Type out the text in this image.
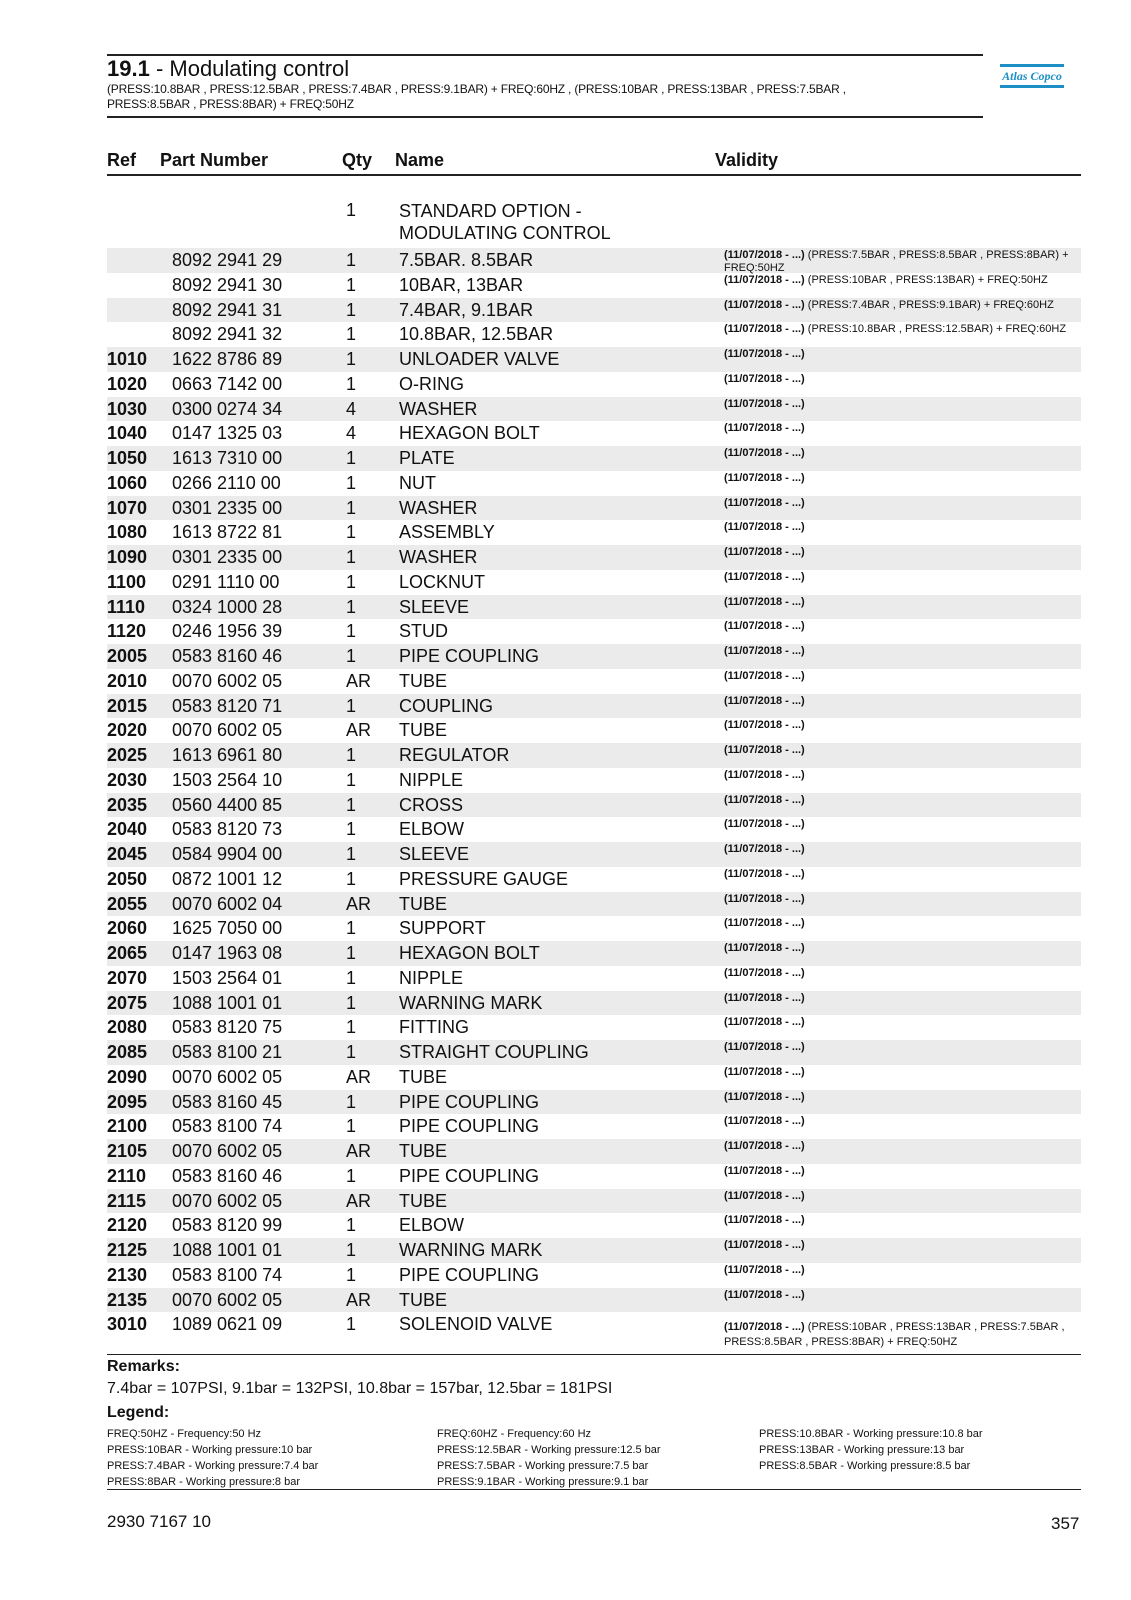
19.1 - Modulating control
(PRESS:10.8BAR , PRESS:12.5BAR , PRESS:7.4BAR , PRESS:9.1BAR) + FREQ:60HZ , (PRESS:10BAR , PRESS:13BAR , PRESS:7.5BAR ,
PRESS:8.5BAR , PRESS:8BAR) + FREQ:50HZ
Atlas Copco
Ref Part Number	Qty Name	Validity
1 STANDARD OPTION - MODULATING CONTROL
8092 2941 29	1 7.5BAR. 8.5BAR	(11/07/2018 - ...) (PRESS:7.5BAR , PRESS:8.5BAR , PRESS:8BAR) + FREQ:50HZ
8092 2941 30	1 10BAR, 13BAR	(11/07/2018 - ...) (PRESS:10BAR , PRESS:13BAR) + FREQ:50HZ
8092 2941 31	1 7.4BAR, 9.1BAR	(11/07/2018 - ...) (PRESS:7.4BAR , PRESS:9.1BAR) + FREQ:60HZ
8092 2941 32	1 10.8BAR, 12.5BAR	(11/07/2018 - ...) (PRESS:10.8BAR , PRESS:12.5BAR) + FREQ:60HZ
1010 1622 8786 89	1 UNLOADER VALVE	(11/07/2018 - ...)
1020 0663 7142 00	1 O-RING	(11/07/2018 - ...)
1030 0300 0274 34	4 WASHER	(11/07/2018 - ...)
1040 0147 1325 03	4 HEXAGON BOLT	(11/07/2018 - ...)
1050 1613 7310 00	1 PLATE	(11/07/2018 - ...)
1060 0266 2110 00	1 NUT	(11/07/2018 - ...)
1070 0301 2335 00	1 WASHER	(11/07/2018 - ...)
1080 1613 8722 81	1 ASSEMBLY	(11/07/2018 - ...)
1090 0301 2335 00	1 WASHER	(11/07/2018 - ...)
1100 0291 1110 00	1 LOCKNUT	(11/07/2018 - ...)
1110 0324 1000 28	1 SLEEVE	(11/07/2018 - ...)
1120 0246 1956 39	1 STUD	(11/07/2018 - ...)
2005 0583 8160 46	1 PIPE COUPLING	(11/07/2018 - ...)
2010 0070 6002 05	AR TUBE	(11/07/2018 - ...)
2015 0583 8120 71	1 COUPLING	(11/07/2018 - ...)
2020 0070 6002 05	AR TUBE	(11/07/2018 - ...)
2025 1613 6961 80	1 REGULATOR	(11/07/2018 - ...)
2030 1503 2564 10	1 NIPPLE	(11/07/2018 - ...)
2035 0560 4400 85	1 CROSS	(11/07/2018 - ...)
2040 0583 8120 73	1 ELBOW	(11/07/2018 - ...)
2045 0584 9904 00	1 SLEEVE	(11/07/2018 - ...)
2050 0872 1001 12	1 PRESSURE GAUGE	(11/07/2018 - ...)
2055 0070 6002 04	AR TUBE	(11/07/2018 - ...)
2060 1625 7050 00	1 SUPPORT	(11/07/2018 - ...)
2065 0147 1963 08	1 HEXAGON BOLT	(11/07/2018 - ...)
2070 1503 2564 01	1 NIPPLE	(11/07/2018 - ...)
2075 1088 1001 01	1 WARNING MARK	(11/07/2018 - ...)
2080 0583 8120 75	1 FITTING	(11/07/2018 - ...)
2085 0583 8100 21	1 STRAIGHT COUPLING	(11/07/2018 - ...)
2090 0070 6002 05	AR TUBE	(11/07/2018 - ...)
2095 0583 8160 45	1 PIPE COUPLING	(11/07/2018 - ...)
2100 0583 8100 74	1 PIPE COUPLING	(11/07/2018 - ...)
2105 0070 6002 05	AR TUBE	(11/07/2018 - ...)
2110 0583 8160 46	1 PIPE COUPLING	(11/07/2018 - ...)
2115 0070 6002 05	AR TUBE	(11/07/2018 - ...)
2120 0583 8120 99	1 ELBOW	(11/07/2018 - ...)
2125 1088 1001 01	1 WARNING MARK	(11/07/2018 - ...)
2130 0583 8100 74	1 PIPE COUPLING	(11/07/2018 - ...)
2135 0070 6002 05	AR TUBE	(11/07/2018 - ...)
3010 1089 0621 09	1 SOLENOID VALVE	(11/07/2018 - ...) (PRESS:10BAR , PRESS:13BAR , PRESS:7.5BAR ,
PRESS:8.5BAR , PRESS:8BAR) + FREQ:50HZ
Remarks:
7.4bar = 107PSI, 9.1bar = 132PSI, 10.8bar = 157bar, 12.5bar = 181PSI
Legend:
FREQ:50HZ - Frequency:50 Hz
PRESS:10BAR - Working pressure:10 bar
PRESS:7.4BAR - Working pressure:7.4 bar
PRESS:8BAR - Working pressure:8 bar
FREQ:60HZ - Frequency:60 Hz
PRESS:12.5BAR - Working pressure:12.5 bar
PRESS:7.5BAR - Working pressure:7.5 bar
PRESS:9.1BAR - Working pressure:9.1 bar
PRESS:10.8BAR - Working pressure:10.8 bar
PRESS:13BAR - Working pressure:13 bar
PRESS:8.5BAR - Working pressure:8.5 bar
2930 7167 10	357
